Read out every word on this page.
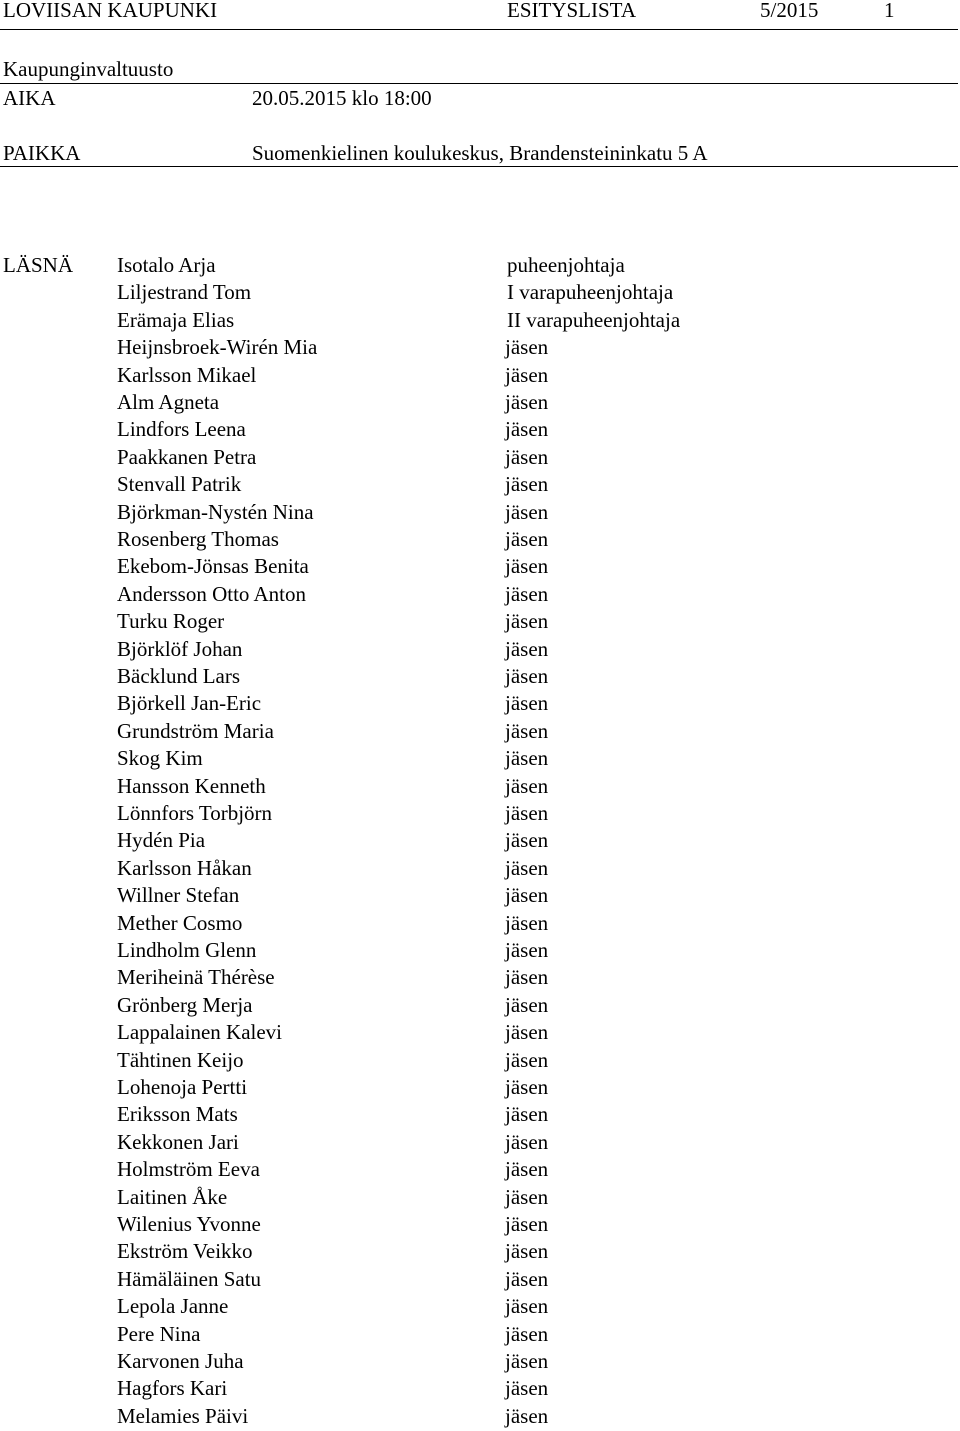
LOVIISAN KAUPUNKI	ESITYSLISTA	5/2015	1
Kaupunginvaltuusto
AIKA	20.05.2015 klo 18:00
PAIKKA	Suomenkielinen koulukeskus, Brandensteininkatu 5 A
LÄSNÄ Isotalo Arja	puheenjohtaja
Liljestrand Tom	I varapuheenjohtaja
Erämaja Elias	II varapuheenjohtaja
Heijnsbroek-Wirén Mia	jäsen
Karlsson Mikael	jäsen
Alm Agneta	jäsen
Lindfors Leena	jäsen
Paakkanen Petra	jäsen
Stenvall Patrik	jäsen
Björkman-Nystén Nina	jäsen
Rosenberg Thomas	jäsen
Ekebom-Jönsas Benita	jäsen
Andersson Otto Anton	jäsen
Turku Roger	jäsen
Björklöf Johan	jäsen
Bäcklund Lars	jäsen
Björkell Jan-Eric	jäsen
Grundström Maria	jäsen
Skog Kim	jäsen
Hansson Kenneth	jäsen
Lönnfors Torbjörn	jäsen
Hydén Pia	jäsen
Karlsson Håkan	jäsen
Willner Stefan	jäsen
Mether Cosmo	jäsen
Lindholm Glenn	jäsen
Meriheinä Thérèse	jäsen
Grönberg Merja	jäsen
Lappalainen Kalevi	jäsen
Tähtinen Keijo	jäsen
Lohenoja Pertti	jäsen
Eriksson Mats	jäsen
Kekkonen Jari	jäsen
Holmström Eeva	jäsen
Laitinen Åke	jäsen
Wilenius Yvonne	jäsen
Ekström Veikko	jäsen
Hämäläinen Satu	jäsen
Lepola Janne	jäsen
Pere Nina	jäsen
Karvonen Juha	jäsen
Hagfors Kari	jäsen
Melamies Päivi	jäsen
